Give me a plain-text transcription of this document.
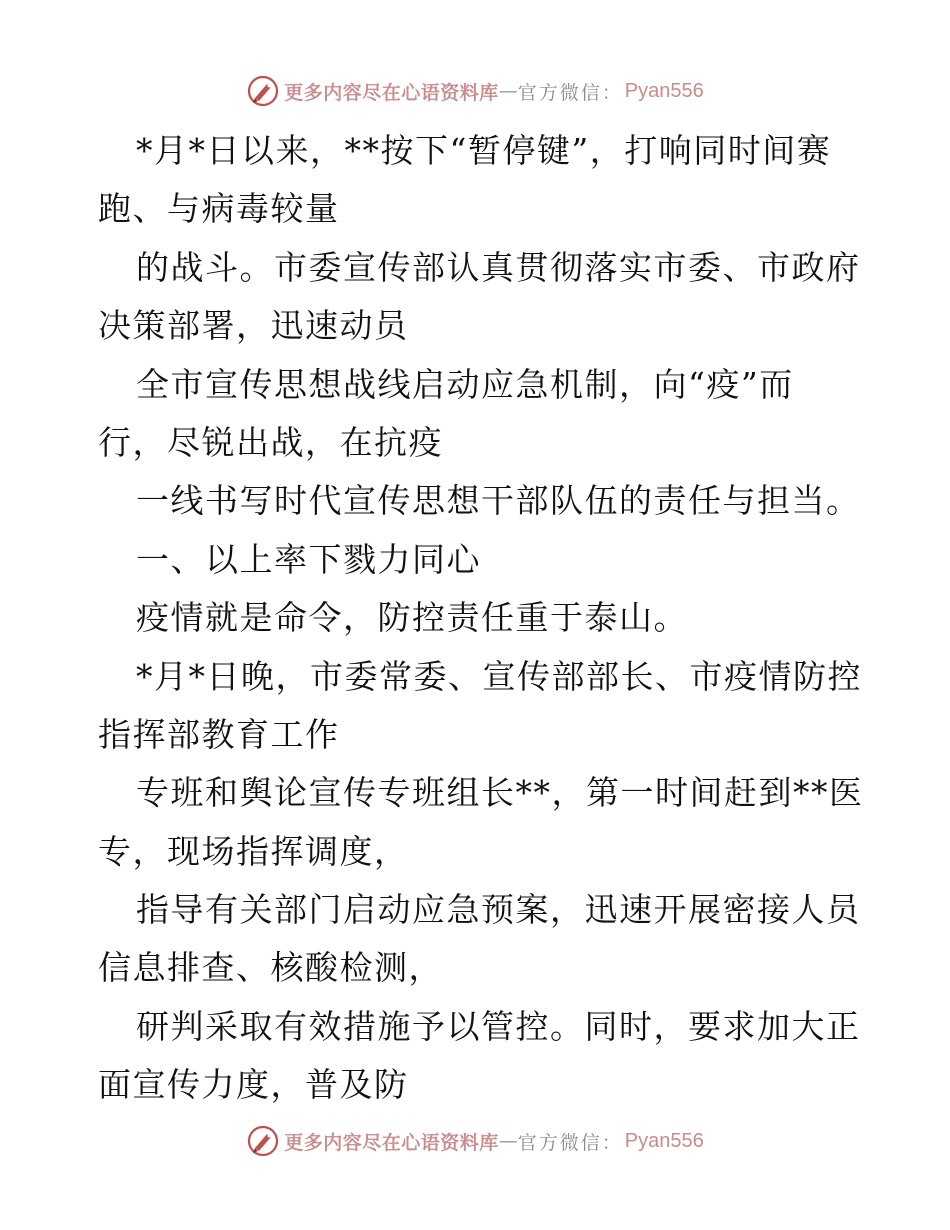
更多内容尽在心语资料库 — 官方微信： Pyan556
*月*日以来，**按下“暂停键”，打响同时间赛
跑、与病毒较量
的战斗。市委宣传部认真贯彻落实市委、市政府
决策部署，迅速动员
全市宣传思想战线启动应急机制，向“疫”而
行，尽锐出战，在抗疫
一线书写时代宣传思想干部队伍的责任与担当。
一、以上率下戮力同心
疫情就是命令，防控责任重于泰山。
*月*日晚，市委常委、宣传部部长、市疫情防控
指挥部教育工作
专班和舆论宣传专班组长**，第一时间赶到**医
专，现场指挥调度，
指导有关部门启动应急预案，迅速开展密接人员
信息排查、核酸检测，
研判采取有效措施予以管控。同时，要求加大正
面宣传力度，普及防
更多内容尽在心语资料库 — 官方微信： Pyan556
